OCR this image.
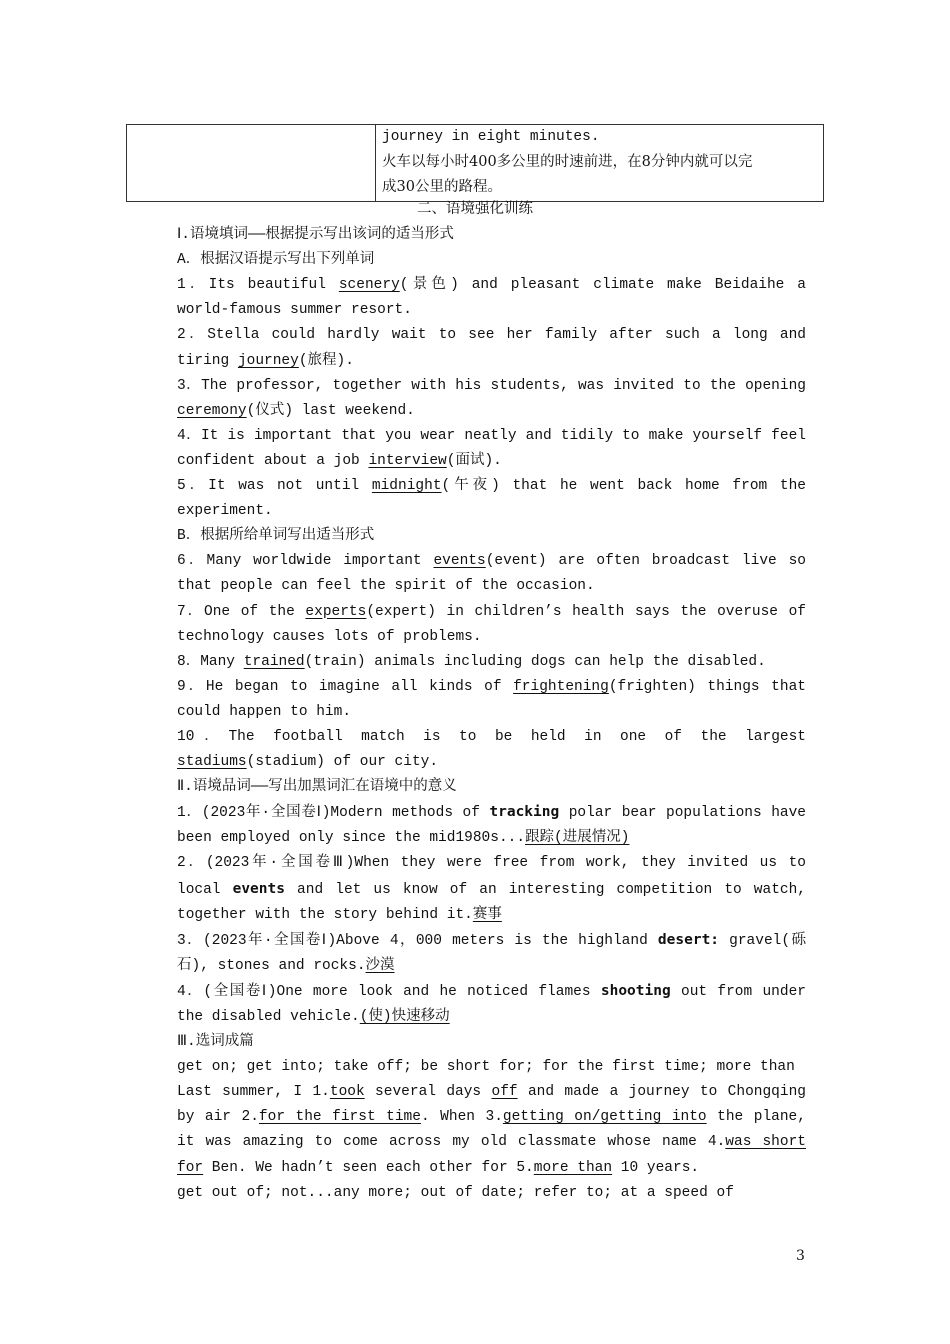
journey in eight minutes.
火车以每小时400多公里的时速前进，在8分钟内就可以完
成30公里的路程。
二、语境强化训练
Ⅰ.语境填词——根据提示写出该词的适当形式
A．根据汉语提示写出下列单词
1．Its beautiful scenery(景色) and pleasant climate make Beidaihe a world-famous summer resort.
2．Stella could hardly wait to see her family after such a long and tiring journey(旅程).
3．The professor, together with his students, was invited to the opening ceremony(仪式) last weekend.
4．It is important that you wear neatly and tidily to make yourself feel confident about a job interview(面试).
5．It was not until midnight(午夜) that he went back home from the experiment.
B．根据所给单词写出适当形式
6．Many worldwide important events(event) are often broadcast live so that people can feel the spirit of the occasion.
7．One of the experts(expert) in children’s health says the overuse of technology causes lots of problems.
8．Many trained(train) animals including dogs can help the disabled.
9．He began to imagine all kinds of frightening(frighten) things that could happen to him.
10．The football match is to be held in one of the largest stadiums(stadium) of our city.
Ⅱ.语境品词——写出加黑词汇在语境中的意义
1．(2023年·全国卷Ⅰ)Modern methods of tracking polar bear populations have been employed only since the mid1980s...跟踪(进展情况)
2．(2023年·全国卷Ⅲ)When they were free from work, they invited us to local events and let us know of an interesting competition to watch, together with the story behind it.赛事
3．(2023年·全国卷Ⅰ)Above 4，000 meters is the highland desert: gravel(砾石), stones and rocks.沙漠
4．(全国卷Ⅰ)One more look and he noticed flames shooting out from under the disabled vehicle.(使)快速移动
Ⅲ.选词成篇
get on; get into; take off; be short for; for the first time; more than
Last summer, I 1.took several days off and made a journey to Chongqing by air 2.for the first time. When 3.getting on/getting into the plane, it was amazing to come across my old classmate whose name 4.was short for Ben. We hadn’t seen each other for 5.more than 10 years.
get out of; not...any more; out of date; refer to; at a speed of
3
